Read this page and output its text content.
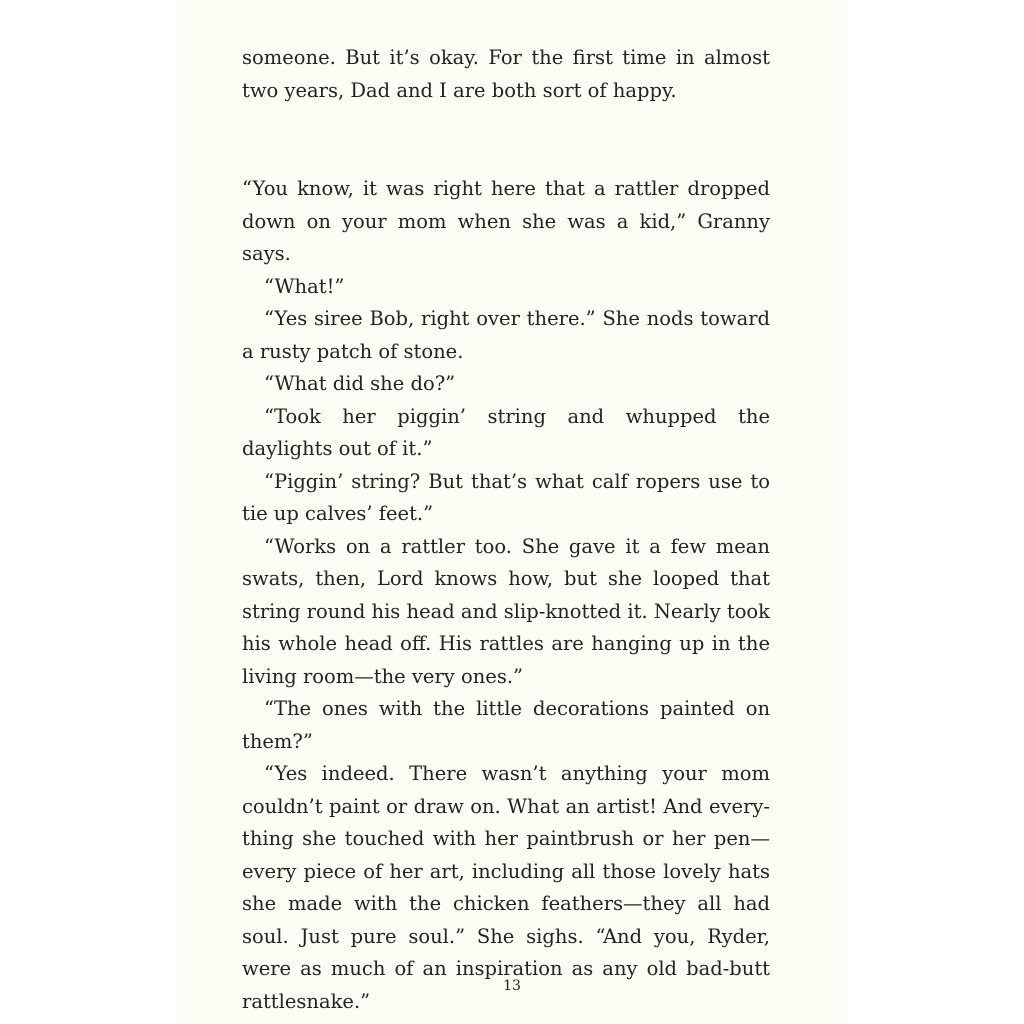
someone. But it’s okay. For the first time in almost two years, Dad and I are both sort of happy.

“You know, it was right here that a rattler dropped down on your mom when she was a kid,” Granny says.

“What!”

“Yes siree Bob, right over there.” She nods toward a rusty patch of stone.

“What did she do?”

“Took her piggin’ string and whupped the daylights out of it.”

“Piggin’ string? But that’s what calf ropers use to tie up calves’ feet.”

“Works on a rattler too. She gave it a few mean swats, then, Lord knows how, but she looped that string round his head and slip-knotted it. Nearly took his whole head off. His rattles are hanging up in the living room—the very ones.”

“The ones with the little decorations painted on them?”

“Yes indeed. There wasn’t anything your mom couldn’t paint or draw on. What an artist! And every-thing she touched with her paintbrush or her pen—every piece of her art, including all those lovely hats she made with the chicken feathers—they all had soul. Just pure soul.” She sighs. “And you, Ryder, were as much of an inspiration as any old bad-butt rattlesnake.”

13
